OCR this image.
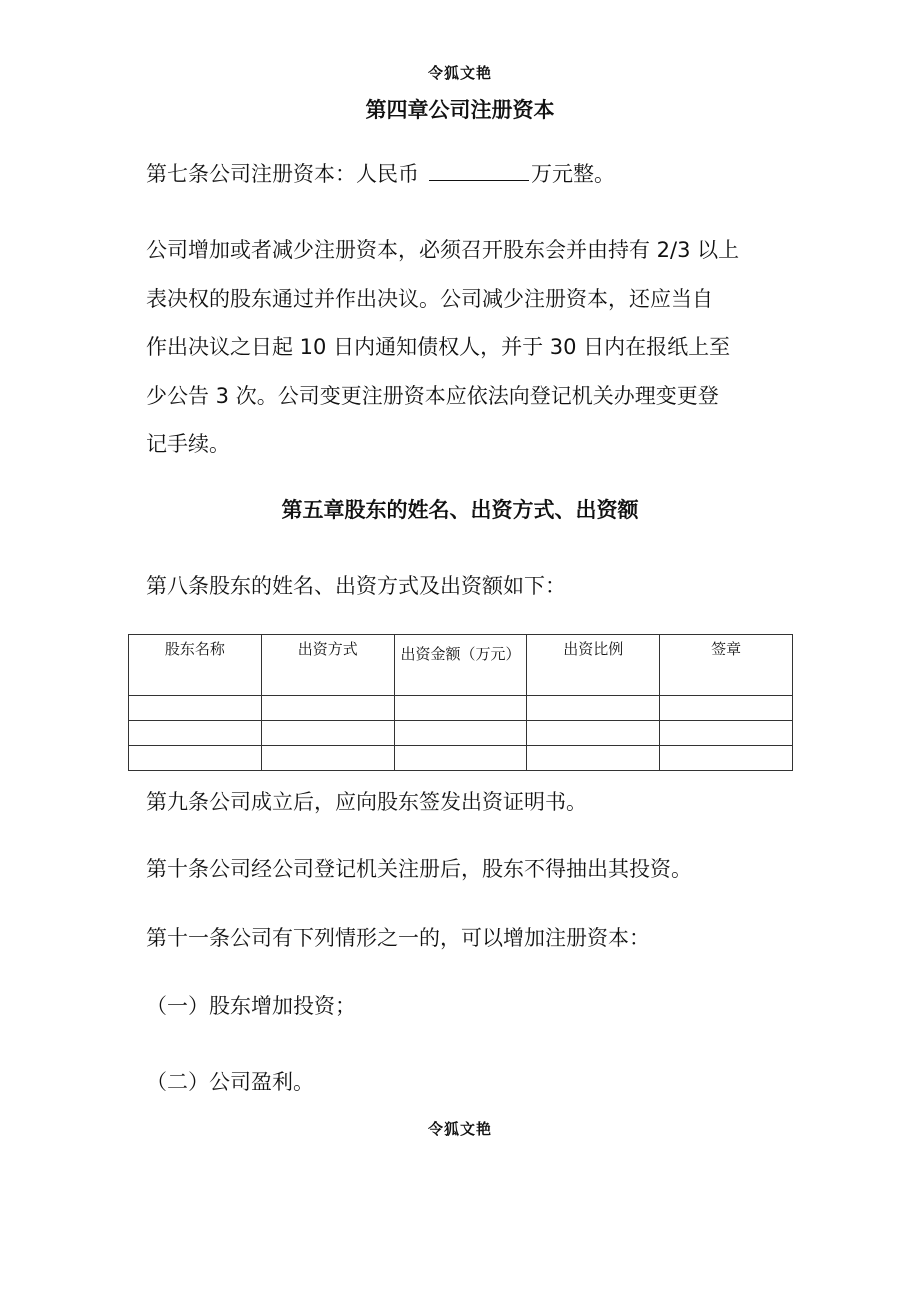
令狐文艳
第四章公司注册资本
第七条公司注册资本：人民币	万元整。
公司增加或者减少注册资本，必须召开股东会并由持有 2/3 以上
表决权的股东通过并作出决议。公司减少注册资本，还应当自
作出决议之日起 10 日内通知债权人，并于 30 日内在报纸上至
少公告 3 次。公司变更注册资本应依法向登记机关办理变更登
记手续。
第五章股东的姓名、出资方式、出资额
第八条股东的姓名、出资方式及出资额如下：
股东名称	出资方式	出资金额（万元）	出资比例	签章

第九条公司成立后，应向股东签发出资证明书。
第十条公司经公司登记机关注册后，股东不得抽出其投资。
第十一条公司有下列情形之一的，可以增加注册资本：
（一）股东增加投资；
（二）公司盈利。
令狐文艳
